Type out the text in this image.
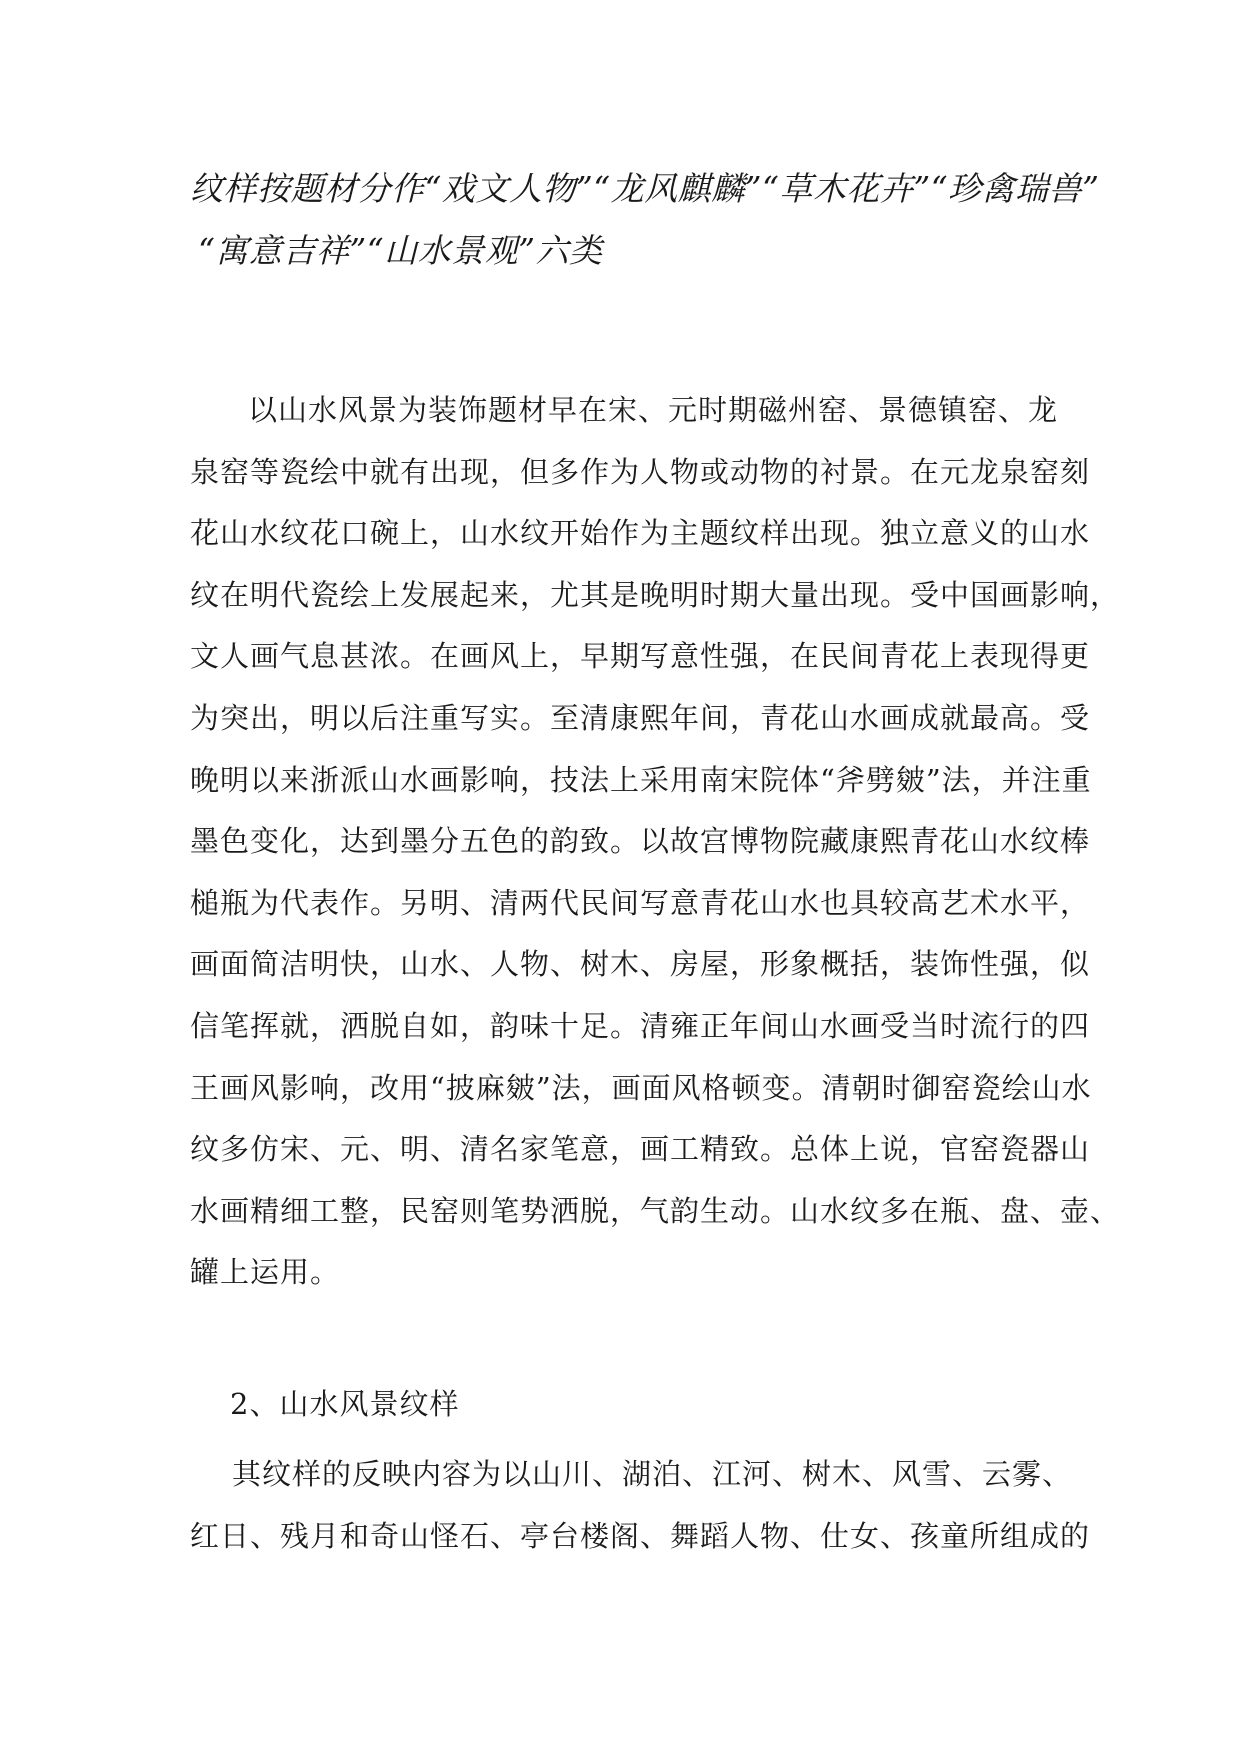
纹样按题材分作“戏文人物”“龙风麒麟”“草木花卉”“珍禽瑞兽”
“寓意吉祥”“山水景观”六类

以山水风景为装饰题材早在宋、元时期磁州窑、景德镇窑、龙
泉窑等瓷绘中就有出现，但多作为人物或动物的衬景。在元龙泉窑刻
花山水纹花口碗上，山水纹开始作为主题纹样出现。独立意义的山水
纹在明代瓷绘上发展起来，尤其是晚明时期大量出现。受中国画影响，
文人画气息甚浓。在画风上，早期写意性强，在民间青花上表现得更
为突出，明以后注重写实。至清康熙年间，青花山水画成就最高。受
晚明以来浙派山水画影响，技法上采用南宋院体“斧劈皴”法，并注重
墨色变化，达到墨分五色的韵致。以故宫博物院藏康熙青花山水纹棒
槌瓶为代表作。另明、清两代民间写意青花山水也具较高艺术水平，
画面简洁明快，山水、人物、树木、房屋，形象概括，装饰性强，似
信笔挥就，洒脱自如，韵味十足。清雍正年间山水画受当时流行的四
王画风影响，改用“披麻皴”法，画面风格顿变。清朝时御窑瓷绘山水
纹多仿宋、元、明、清名家笔意，画工精致。总体上说，官窑瓷器山
水画精细工整，民窑则笔势洒脱，气韵生动。山水纹多在瓶、盘、壶、
罐上运用。

2、山水风景纹样

其纹样的反映内容为以山川、湖泊、江河、树木、风雪、云雾、
红日、残月和奇山怪石、亭台楼阁、舞蹈人物、仕女、孩童所组成的
